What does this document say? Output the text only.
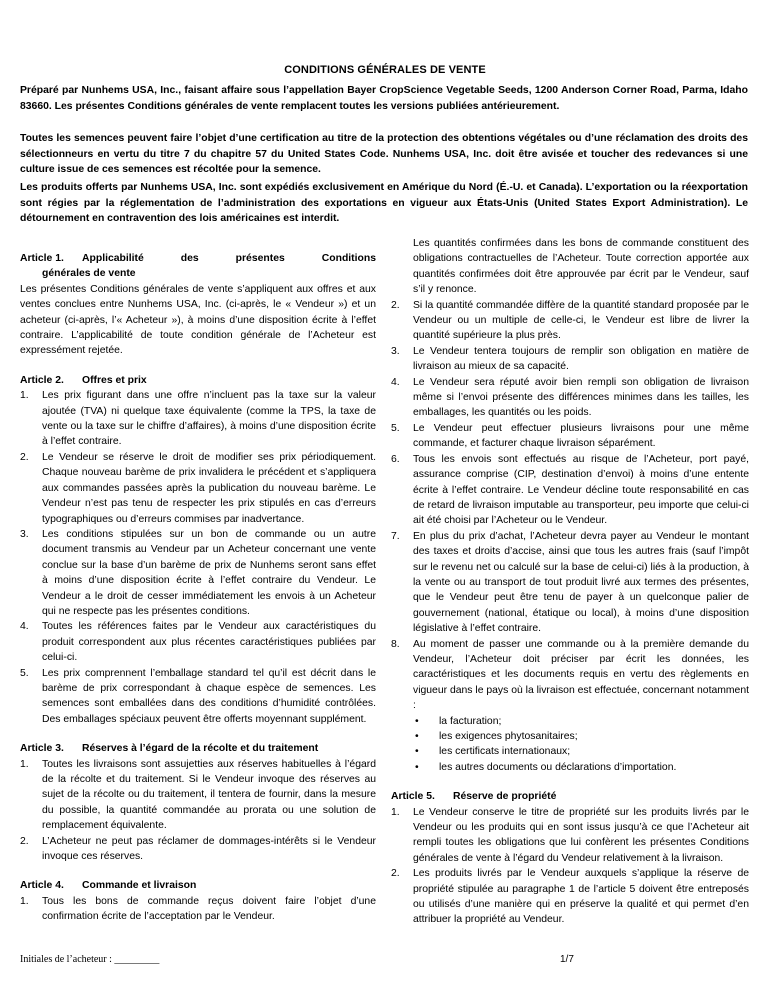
CONDITIONS GÉNÉRALES DE VENTE

Préparé par Nunhems USA, Inc., faisant affaire sous l’appellation Bayer CropScience Vegetable Seeds, 1200 Anderson Corner Road, Parma, Idaho 83660. Les présentes Conditions générales de vente remplacent toutes les versions publiées antérieurement.

Toutes les semences peuvent faire l’objet d’une certification au titre de la protection des obtentions végétales ou d’une réclamation des droits des sélectionneurs en vertu du titre 7 du chapitre 57 du United States Code. Nunhems USA, Inc. doit être avisée et toucher des redevances si une culture issue de ces semences est récoltée pour la semence.

Les produits offerts par Nunhems USA, Inc. sont expédiés exclusivement en Amérique du Nord (É.-U. et Canada). L’exportation ou la réexportation sont régies par la réglementation de l’administration des exportations en vigueur aux États-Unis (United States Export Administration). Le détournement en contravention des lois américaines est interdit.

Article 1.	Applicabilité des présentes Conditions

générales de vente

Les présentes Conditions générales de vente s’appliquent aux offres et aux ventes conclues entre Nunhems USA, Inc. (ci-après, le « Vendeur ») et un acheteur (ci-après, l’« Acheteur »), à moins d’une disposition écrite à l’effet contraire. L’applicabilité de toute condition générale de l’Acheteur est expressément rejetée.

Article 2.	Offres et prix
1.	Les prix figurant dans une offre n’incluent pas la taxe sur la valeur ajoutée (TVA) ni quelque taxe équivalente (comme la TPS, la taxe de vente ou la taxe sur le chiffre d’affaires), à moins d’une disposition écrite à l’effet contraire.
2.	Le Vendeur se réserve le droit de modifier ses prix périodiquement. Chaque nouveau barème de prix invalidera le précédent et s’appliquera aux commandes passées après la publication du nouveau barème. Le Vendeur n’est pas tenu de respecter les prix stipulés en cas d’erreurs typographiques ou d’erreurs commises par inadvertance.
3.	Les conditions stipulées sur un bon de commande ou un autre document transmis au Vendeur par un Acheteur concernant une vente conclue sur la base d’un barème de prix de Nunhems seront sans effet à moins d’une disposition écrite à l’effet contraire du Vendeur. Le Vendeur a le droit de cesser immédiatement les envois à un Acheteur qui ne respecte pas les présentes conditions.
4.	Toutes les références faites par le Vendeur aux caractéristiques du produit correspondent aux plus récentes caractéristiques publiées par celui-ci.
5.	Les prix comprennent l’emballage standard tel qu’il est décrit dans le barème de prix correspondant à chaque espèce de semences. Les semences sont emballées dans des conditions d’humidité contrôlées. Des emballages spéciaux peuvent être offerts moyennant supplément.
Article 3.	Réserves à l’égard de la récolte et du traitement
1.	Toutes les livraisons sont assujetties aux réserves habituelles à l’égard de la récolte et du traitement. Si le Vendeur invoque des réserves au sujet de la récolte ou du traitement, il tentera de fournir, dans la mesure du possible, la quantité commandée au prorata ou une solution de remplacement équivalente.
2.	L’Acheteur ne peut pas réclamer de dommages-intérêts si le Vendeur invoque ces réserves.
Article 4.	Commande et livraison
1.	Tous les bons de commande reçus doivent faire l’objet d’une confirmation écrite de l’acceptation par le Vendeur.

Les quantités confirmées dans les bons de commande constituent des obligations contractuelles de l’Acheteur. Toute correction apportée aux quantités confirmées doit être approuvée par écrit par le Vendeur, sauf s’il y renonce.

2.	Si la quantité commandée diffère de la quantité standard proposée par le Vendeur ou un multiple de celle-ci, le Vendeur est libre de livrer la quantité supérieure la plus près.
3.	Le Vendeur tentera toujours de remplir son obligation en matière de livraison au mieux de sa capacité.
4.	Le Vendeur sera réputé avoir bien rempli son obligation de livraison même si l’envoi présente des différences minimes dans les tailles, les emballages, les quantités ou les poids.
5.	Le Vendeur peut effectuer plusieurs livraisons pour une même commande, et facturer chaque livraison séparément.
6.	Tous les envois sont effectués au risque de l’Acheteur, port payé, assurance comprise (CIP, destination d’envoi) à moins d’une entente écrite à l’effet contraire. Le Vendeur décline toute responsabilité en cas de retard de livraison imputable au transporteur, peu importe que celui-ci ait été choisi par l’Acheteur ou le Vendeur.
7.	En plus du prix d’achat, l’Acheteur devra payer au Vendeur le montant des taxes et droits d’accise, ainsi que tous les autres frais (sauf l’impôt sur le revenu net ou calculé sur la base de celui-ci) liés à la production, à la vente ou au transport de tout produit livré aux termes des présentes, que le Vendeur peut être tenu de payer à un quelconque palier de gouvernement (national, étatique ou local), à moins d’une disposition législative à l’effet contraire.
8.	Au moment de passer une commande ou à la première demande du Vendeur, l’Acheteur doit préciser par écrit les données, les caractéristiques et les documents requis en vertu des règlements en vigueur dans le pays où la livraison est effectuée, concernant notamment :
•	la facturation;
•	les exigences phytosanitaires;
•	les certificats internationaux;
•	les autres documents ou déclarations d’importation.
Article 5.	Réserve de propriété
1.	Le Vendeur conserve le titre de propriété sur les produits livrés par le Vendeur ou les produits qui en sont issus jusqu’à ce que l’Acheteur ait rempli toutes les obligations que lui confèrent les présentes Conditions générales de vente à l’égard du Vendeur relativement à la livraison.
2.	Les produits livrés par le Vendeur auxquels s’applique la réserve de propriété stipulée au paragraphe 1 de l’article 5 doivent être entreposés ou utilisés d’une manière qui en préserve la qualité et qui permet d’en attribuer la propriété au Vendeur.
Initiales de l’acheteur : _________	1/7
